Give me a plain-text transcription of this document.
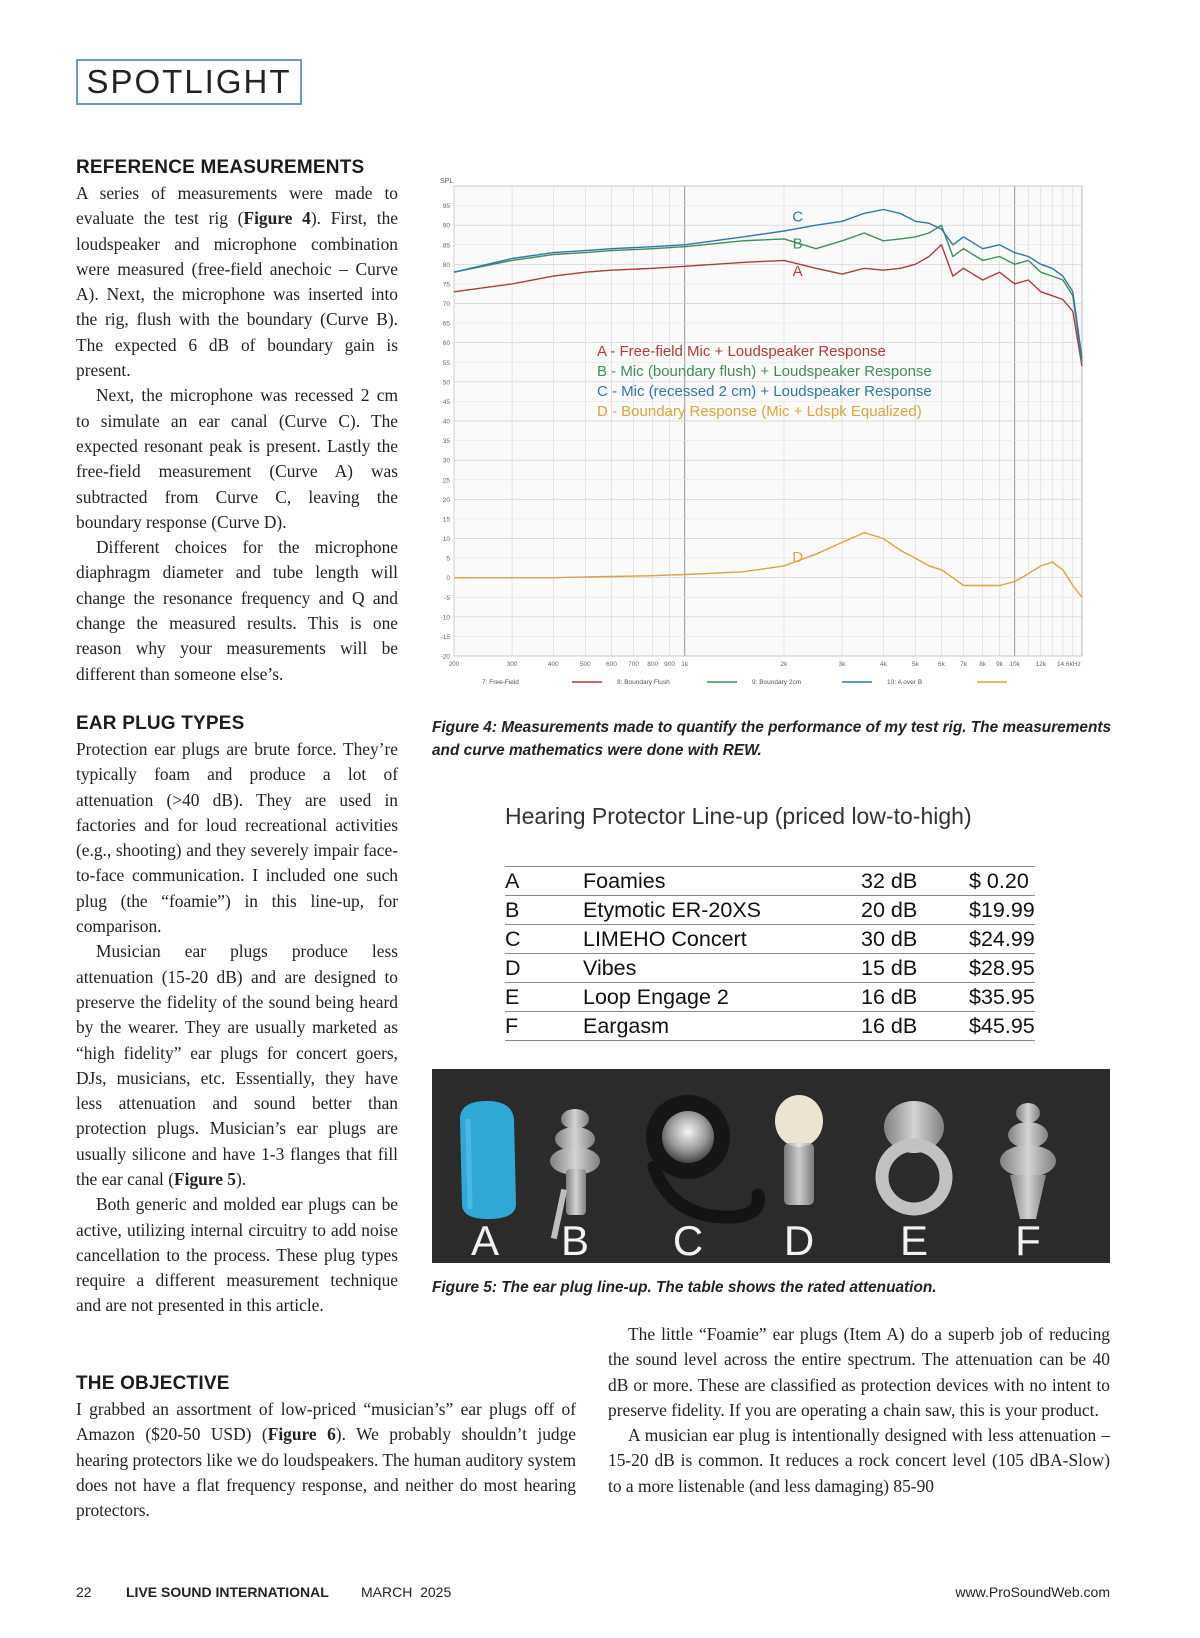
SPOTLIGHT
REFERENCE MEASUREMENTS

A series of measurements were made to evaluate the test rig (Figure 4). First, the loudspeaker and microphone combination were measured (free-field anechoic – Curve A). Next, the microphone was inserted into the rig, flush with the boundary (Curve B). The expected 6 dB of boundary gain is present.

Next, the microphone was recessed 2 cm to simulate an ear canal (Curve C). The expected resonant peak is present. Lastly the free-field measurement (Curve A) was subtracted from Curve C, leaving the boundary response (Curve D).

Different choices for the microphone diaphragm diameter and tube length will change the resonance frequency and Q and change the measured results. This is one reason why your measurements will be different than someone else’s.

EAR PLUG TYPES

Protection ear plugs are brute force. They’re typically foam and produce a lot of attenuation (>40 dB). They are used in factories and for loud recreational activities (e.g., shooting) and they severely impair face-to-face communication. I included one such plug (the “foamie”) in this line-up, for comparison.

Musician ear plugs produce less attenuation (15-20 dB) and are designed to preserve the fidelity of the sound being heard by the wearer. They are usually marketed as “high fidelity” ear plugs for concert goers, DJs, musicians, etc. Essentially, they have less attenuation and sound better than protection plugs. Musician’s ear plugs are usually silicone and have 1-3 flanges that fill the ear canal (Figure 5).

Both generic and molded ear plugs can be active, utilizing internal circuitry to add noise cancellation to the process. These plug types require a different measurement technique and are not presented in this article.

THE OBJECTIVE

I grabbed an assortment of low-priced “musician’s” ear plugs off of Amazon ($20-50 USD) (Figure 6). We probably shouldn’t judge hearing protectors like we do loudspeakers. The human auditory system does not have a flat frequency response, and neither do most hearing protectors.

The little “Foamie” ear plugs (Item A) do a superb job of reducing the sound level across the entire spectrum. The attenuation can be 40 dB or more. These are classified as protection devices with no intent to preserve fidelity. If you are operating a chain saw, this is your product.

A musician ear plug is intentionally designed with less attenuation – 15-20 dB is common. It reduces a rock concert level (105 dBA-Slow) to a more listenable (and less damaging) 85-90

95
90
85
80
75
70
65
60
55
50
45
40
35
30
25
20
15
10
5
0
-5
-10
-15
-20
200	300	400	500 600 700 800 900 1k	2k	3k	4k	5k	6k 7k 8k 9k 10k 12k 14.6kHz
A
B
C
D
A - Free-field Mic + Loudspeaker Response
B - Mic (boundary flush) + Loudspeaker Response
C - Mic (recessed 2 cm) + Loudspeaker Response
D - Boundary Response (Mic + Ldspk Equalized)
7: Free-Field	8: Boundary Flush	9: Boundary 2cm	10: A over B
SPL
Figure 4: Measurements made to quantify the performance of my test rig. The measurements and curve mathematics were done with REW.
Hearing Protector Line-up (priced low-to-high)
A	Foamies	32 dB	$ 0.20
B	Etymotic ER-20XS	20 dB	$19.99
C	LIMEHO Concert	30 dB	$24.99
D	Vibes	15 dB	$28.95
E	Loop Engage 2	16 dB	$35.95
F	Eargasm	16 dB	$45.95
A B C D E F
Figure 5: The ear plug line-up. The table shows the rated attenuation.
22 LIVE SOUND INTERNATIONAL MARCH  2025	www.ProSoundWeb.com
